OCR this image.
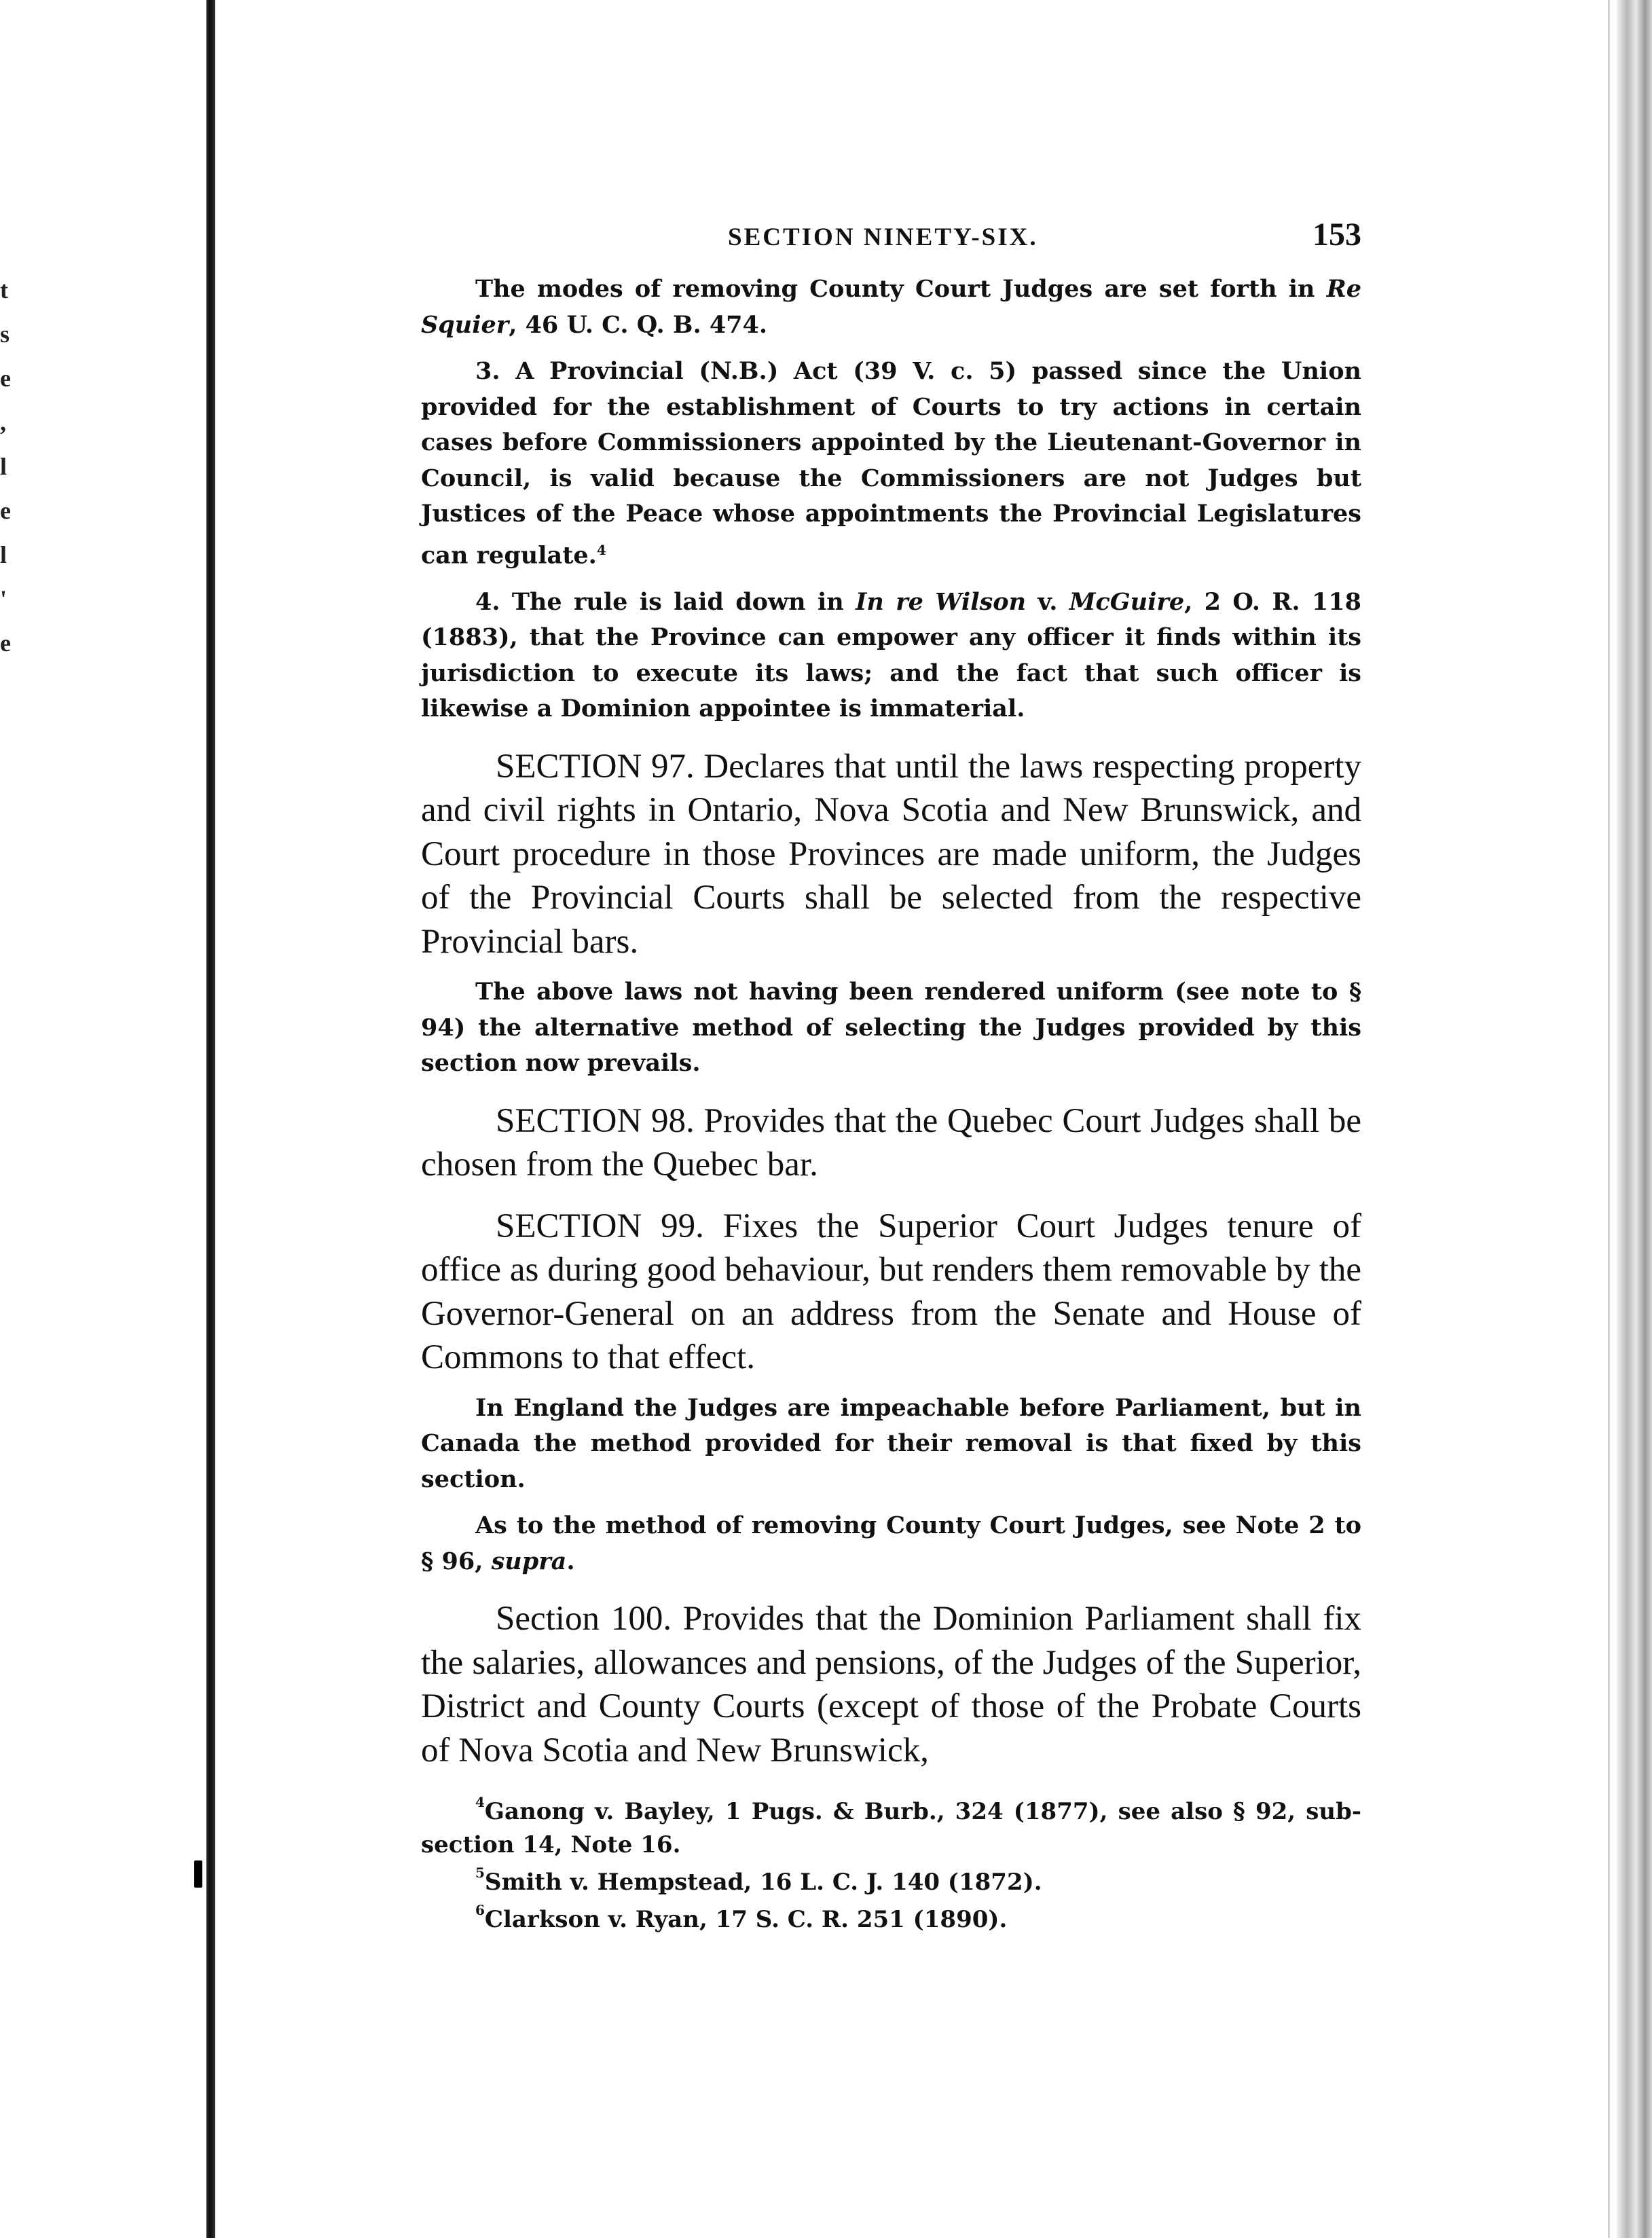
t
s
e
,
l
e
l
'
e
SECTION NINETY-SIX.	153

The modes of removing County Court Judges are set forth in Re Squier, 46 U. C. Q. B. 474.

3. A Provincial (N.B.) Act (39 V. c. 5) passed since the Union provided for the establishment of Courts to try actions in certain cases before Commissioners appointed by the Lieutenant-Governor in Council, is valid because the Commissioners are not Judges but Justices of the Peace whose appointments the Provincial Legislatures can regulate.$^4$

4. The rule is laid down in In re Wilson v. McGuire, 2 O. R. 118 (1883), that the Province can empower any officer it finds within its jurisdiction to execute its laws; and the fact that such officer is likewise a Dominion appointee is immaterial.

SECTION 97. Declares that until the laws respecting property and civil rights in Ontario, Nova Scotia and New Brunswick, and Court procedure in those Provinces are made uniform, the Judges of the Provincial Courts shall be selected from the respective Provincial bars.

The above laws not having been rendered uniform (see note to § 94) the alternative method of selecting the Judges provided by this section now prevails.

SECTION 98. Provides that the Quebec Court Judges shall be chosen from the Quebec bar.

SECTION 99. Fixes the Superior Court Judges tenure of office as during good behaviour, but renders them removable by the Governor-General on an address from the Senate and House of Commons to that effect.

In England the Judges are impeachable before Parliament, but in Canada the method provided for their removal is that fixed by this section.

As to the method of removing County Court Judges, see Note 2 to § 96, supra.

Section 100. Provides that the Dominion Parliament shall fix the salaries, allowances and pensions, of the Judges of the Superior, District and County Courts (except of those of the Probate Courts of Nova Scotia and New Brunswick,

$^4$Ganong v. Bayley, 1 Pugs. & Burb., 324 (1877), see also § 92, sub-section 14, Note 16.

$^5$Smith v. Hempstead, 16 L. C. J. 140 (1872).

$^6$Clarkson v. Ryan, 17 S. C. R. 251 (1890).
